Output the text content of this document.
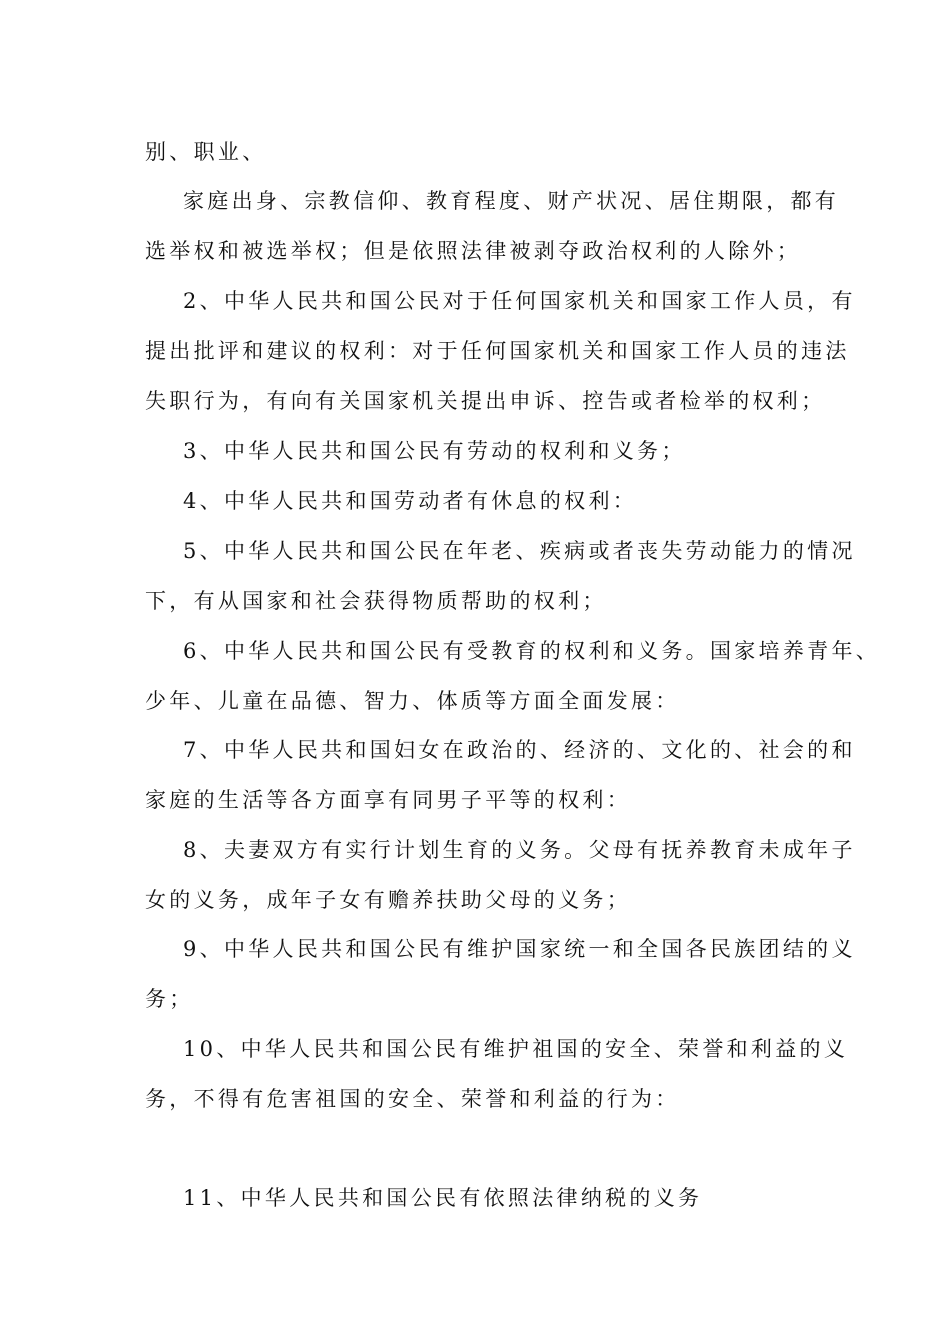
别、职业、
家庭出身、宗教信仰、教育程度、财产状况、居住期限，都有
选举权和被选举权；但是依照法律被剥夺政治权利的人除外；
2、中华人民共和国公民对于任何国家机关和国家工作人员，有
提出批评和建议的权利：对于任何国家机关和国家工作人员的违法
失职行为，有向有关国家机关提出申诉、控告或者检举的权利；
3、中华人民共和国公民有劳动的权利和义务；
4、中华人民共和国劳动者有休息的权利：
5、中华人民共和国公民在年老、疾病或者丧失劳动能力的情况
下，有从国家和社会获得物质帮助的权利；
6、中华人民共和国公民有受教育的权利和义务。国家培养青年、
少年、儿童在品德、智力、体质等方面全面发展：
7、中华人民共和国妇女在政治的、经济的、文化的、社会的和
家庭的生活等各方面享有同男子平等的权利：
8、夫妻双方有实行计划生育的义务。父母有抚养教育未成年子
女的义务，成年子女有赡养扶助父母的义务；
9、中华人民共和国公民有维护国家统一和全国各民族团结的义
务；
10、中华人民共和国公民有维护祖国的安全、荣誉和利益的义
务，不得有危害祖国的安全、荣誉和利益的行为：
11、中华人民共和国公民有依照法律纳税的义务
